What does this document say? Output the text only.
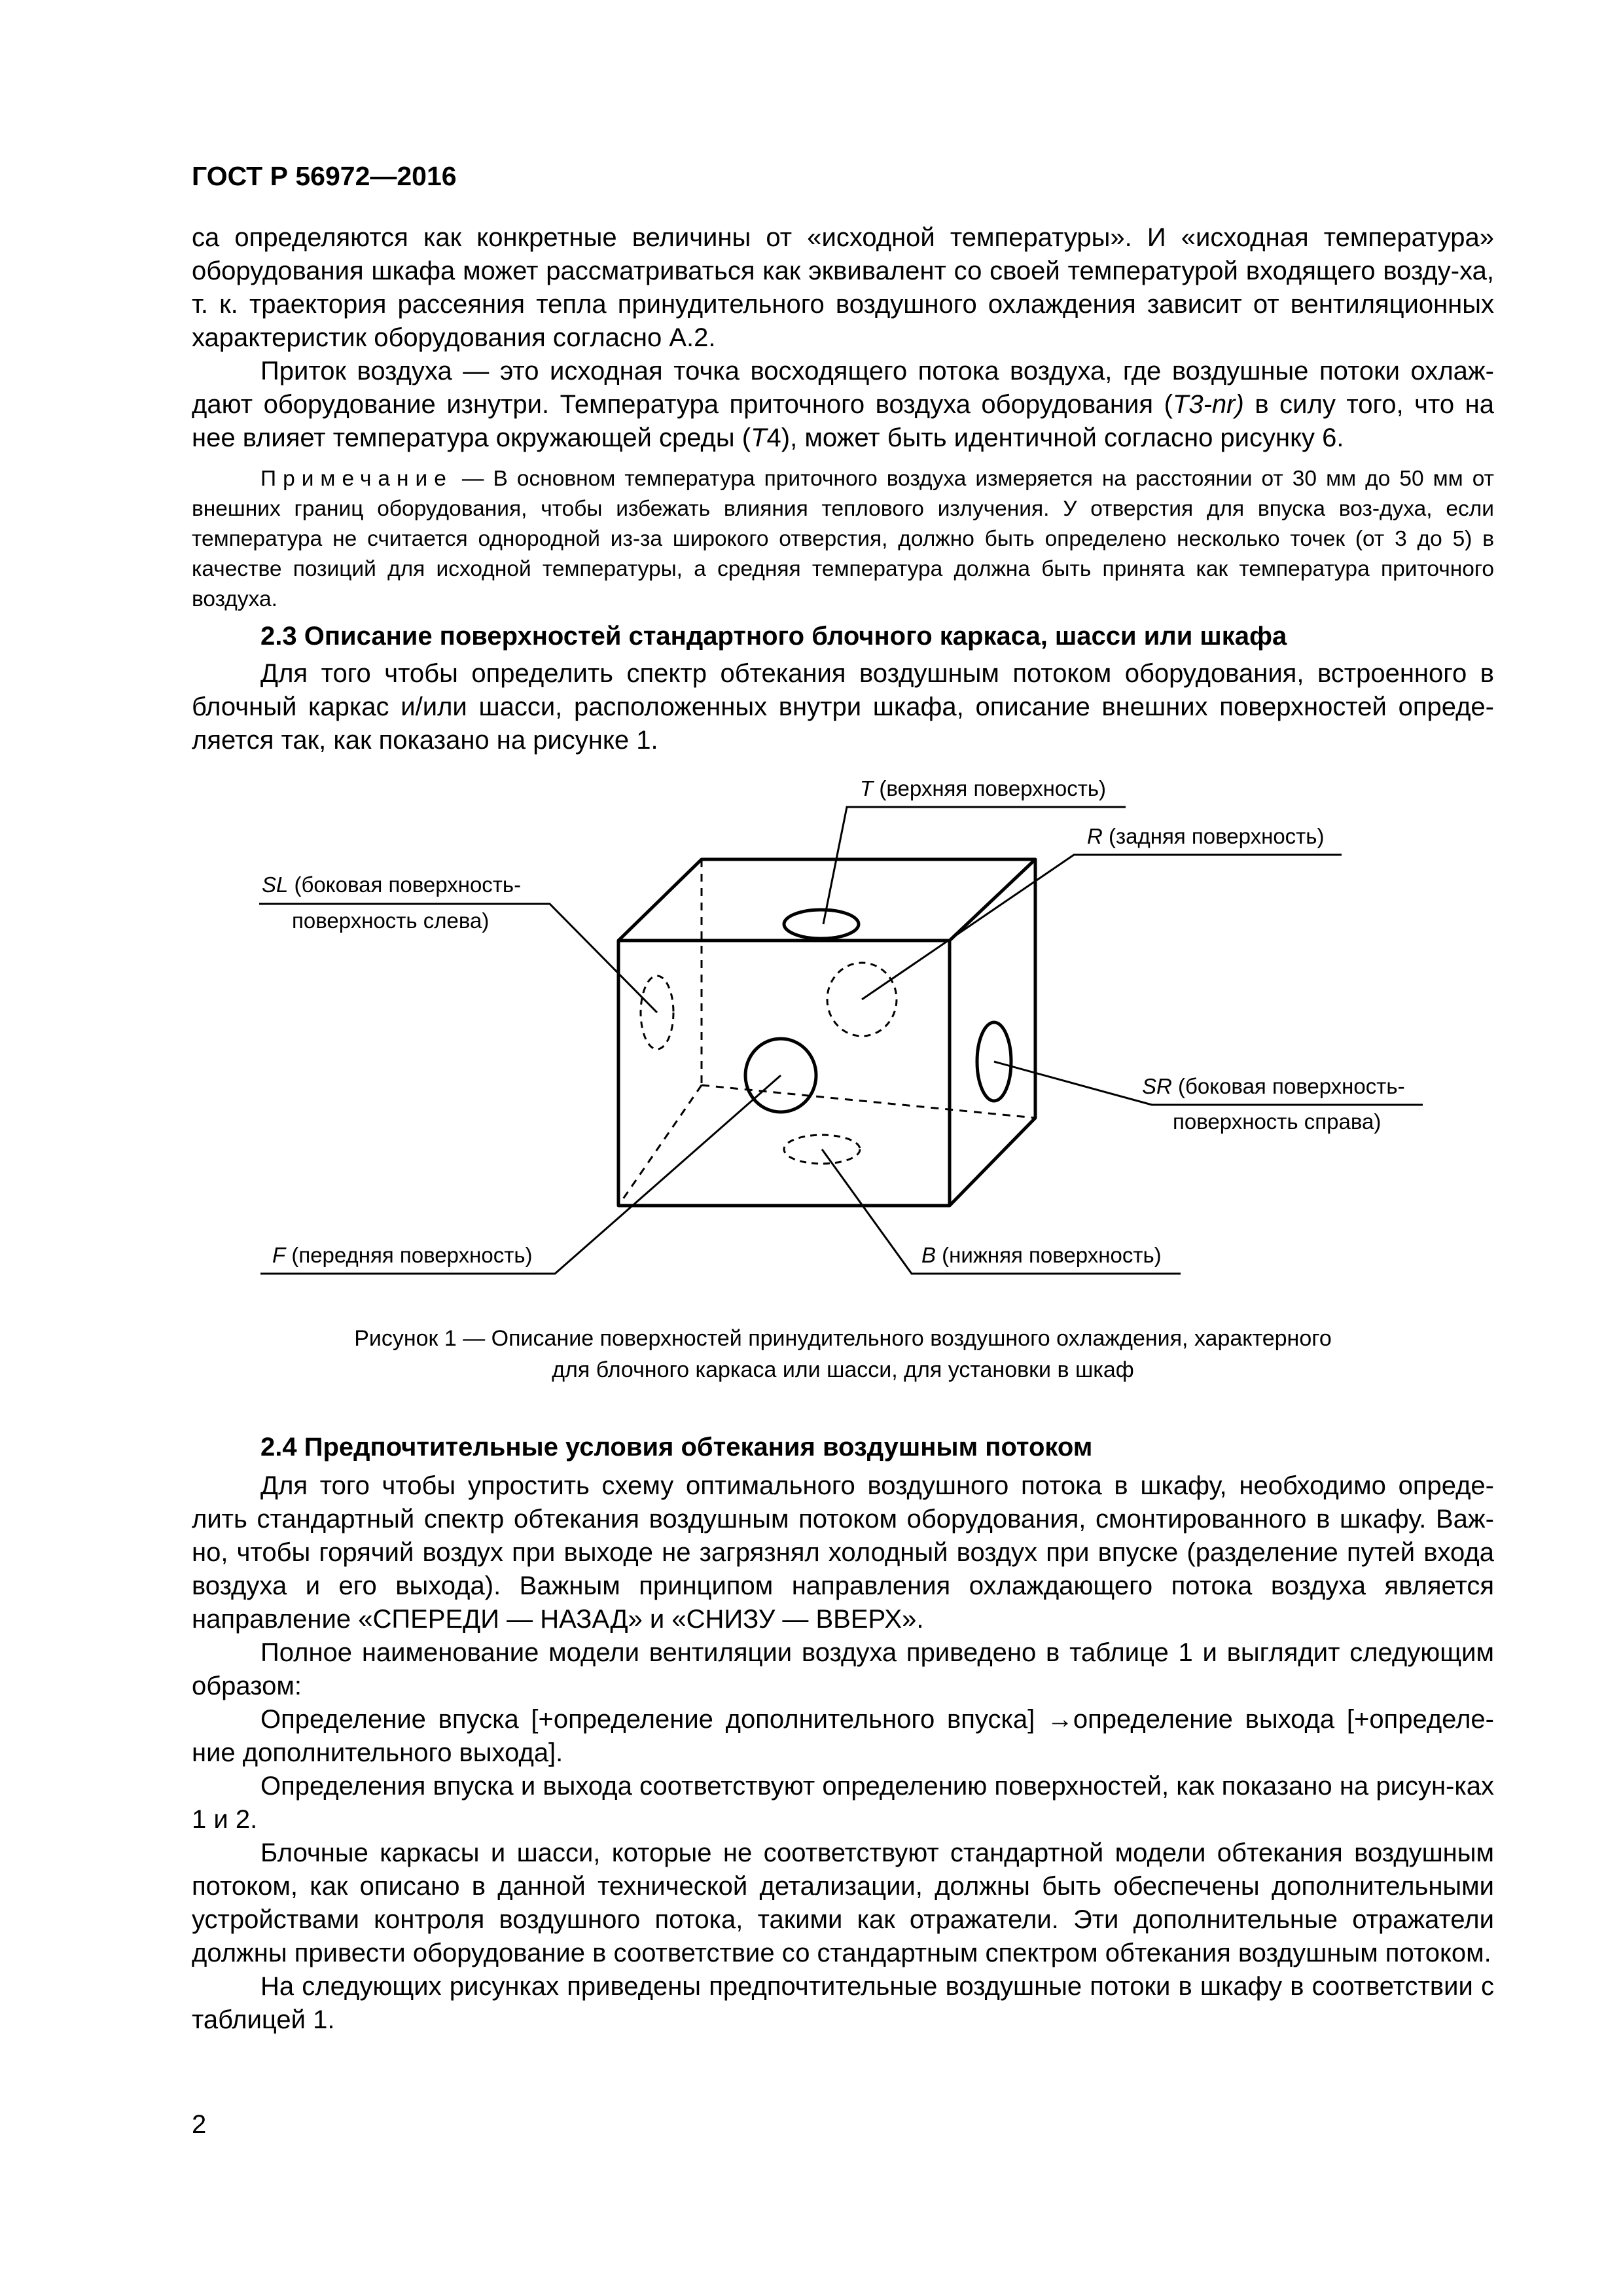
ГОСТ Р 56972—2016

са определяются как конкретные величины от «исходной температуры». И «исходная температура» оборудования шкафа может рассматриваться как эквивалент со своей температурой входящего возду-ха, т. к. траектория рассеяния тепла принудительного воздушного охлаждения зависит от вентиляционных характеристик оборудования согласно А.2.

Приток воздуха — это исходная точка восходящего потока воздуха, где воздушные потоки охлаж-дают оборудование изнутри. Температура приточного воздуха оборудования (Т3-nr) в силу того, что на нее влияет температура окружающей среды (Т4), может быть идентичной согласно рисунку 6.

Примечание — В основном температура приточного воздуха измеряется на расстоянии от 30 мм до 50 мм от внешних границ оборудования, чтобы избежать влияния теплового излучения. У отверстия для впуска воз-духа, если температура не считается однородной из-за широкого отверстия, должно быть определено несколько точек (от 3 до 5) в качестве позиций для исходной температуры, а средняя температура должна быть принята как температура приточного воздуха.

2.3 Описание поверхностей стандартного блочного каркаса, шасси или шкафа

Для того чтобы определить спектр обтекания воздушным потоком оборудования, встроенного в блочный каркас и/или шасси, расположенных внутри шкафа, описание внешних поверхностей опреде-ляется так, как показано на рисунке 1.

T (верхняя поверхность)
R (задняя поверхность)
SL (боковая поверхность-
поверхность слева)
SR (боковая поверхность-
поверхность справа)
F (передняя поверхность)	B (нижняя поверхность)
Рисунок 1 — Описание поверхностей принудительного воздушного охлаждения, характерного
для блочного каркаса или шасси, для установки в шкаф

2.4 Предпочтительные условия обтекания воздушным потоком

Для того чтобы упростить схему оптимального воздушного потока в шкафу, необходимо опреде-лить стандартный спектр обтекания воздушным потоком оборудования, смонтированного в шкафу. Важ-но, чтобы горячий воздух при выходе не загрязнял холодный воздух при впуске (разделение путей входа воздуха и его выхода). Важным принципом направления охлаждающего потока воздуха является направление «СПЕРЕДИ — НАЗАД» и «СНИЗУ — ВВЕРХ».

Полное наименование модели вентиляции воздуха приведено в таблице 1 и выглядит следующим образом:

Определение впуска [+определение дополнительного впуска] →определение выхода [+определе-ние дополнительного выхода].

Определения впуска и выхода соответствуют определению поверхностей, как показано на рисун-ках 1 и 2.

Блочные каркасы и шасси, которые не соответствуют стандартной модели обтекания воздушным потоком, как описано в данной технической детализации, должны быть обеспечены дополнительными устройствами контроля воздушного потока, такими как отражатели. Эти дополнительные отражатели должны привести оборудование в соответствие со стандартным спектром обтекания воздушным потоком.

На следующих рисунках приведены предпочтительные воздушные потоки в шкафу в соответствии с таблицей 1.

2
